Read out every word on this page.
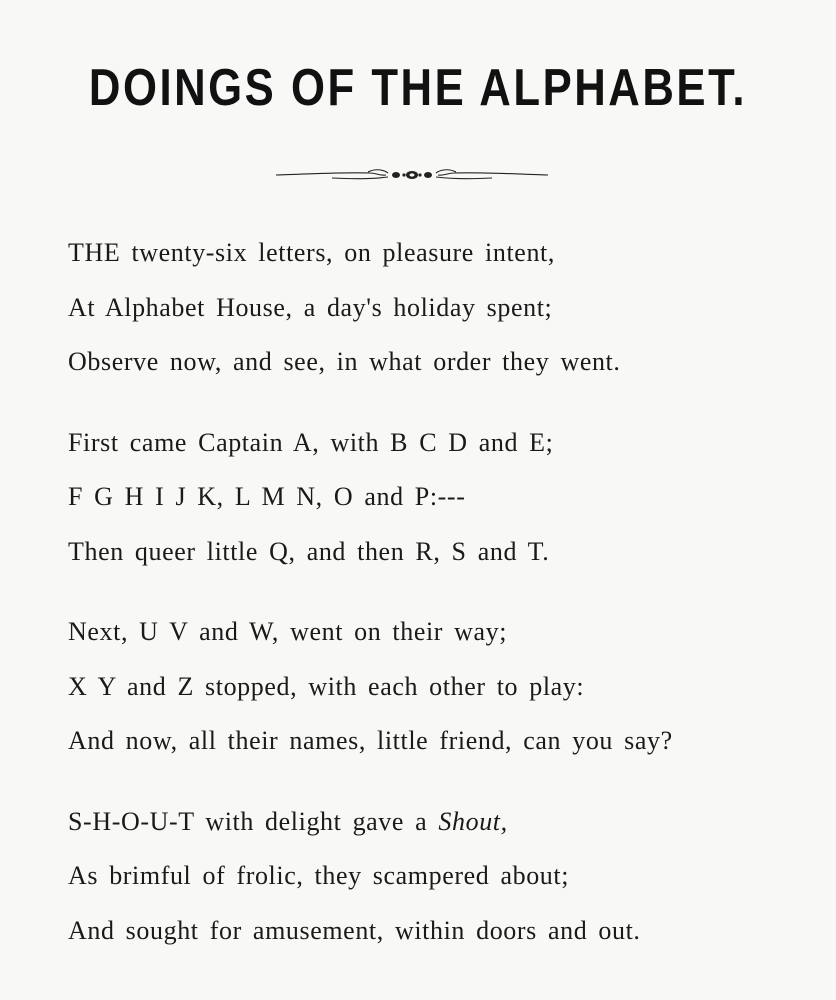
DOINGS OF THE ALPHABET.
THE twenty-six letters, on pleasure intent,
At Alphabet House, a day's holiday spent;
Observe now, and see, in what order they went.
First came Captain A, with B C D and E;
F G H I J K, L M N, O and P:---
Then queer little Q, and then R, S and T.
Next, U V and W, went on their way;
X Y and Z stopped, with each other to play:
And now, all their names, little friend, can you say?
S-H-O-U-T with delight gave a Shout,
As brimful of frolic, they scampered about;
And sought for amusement, within doors and out.
